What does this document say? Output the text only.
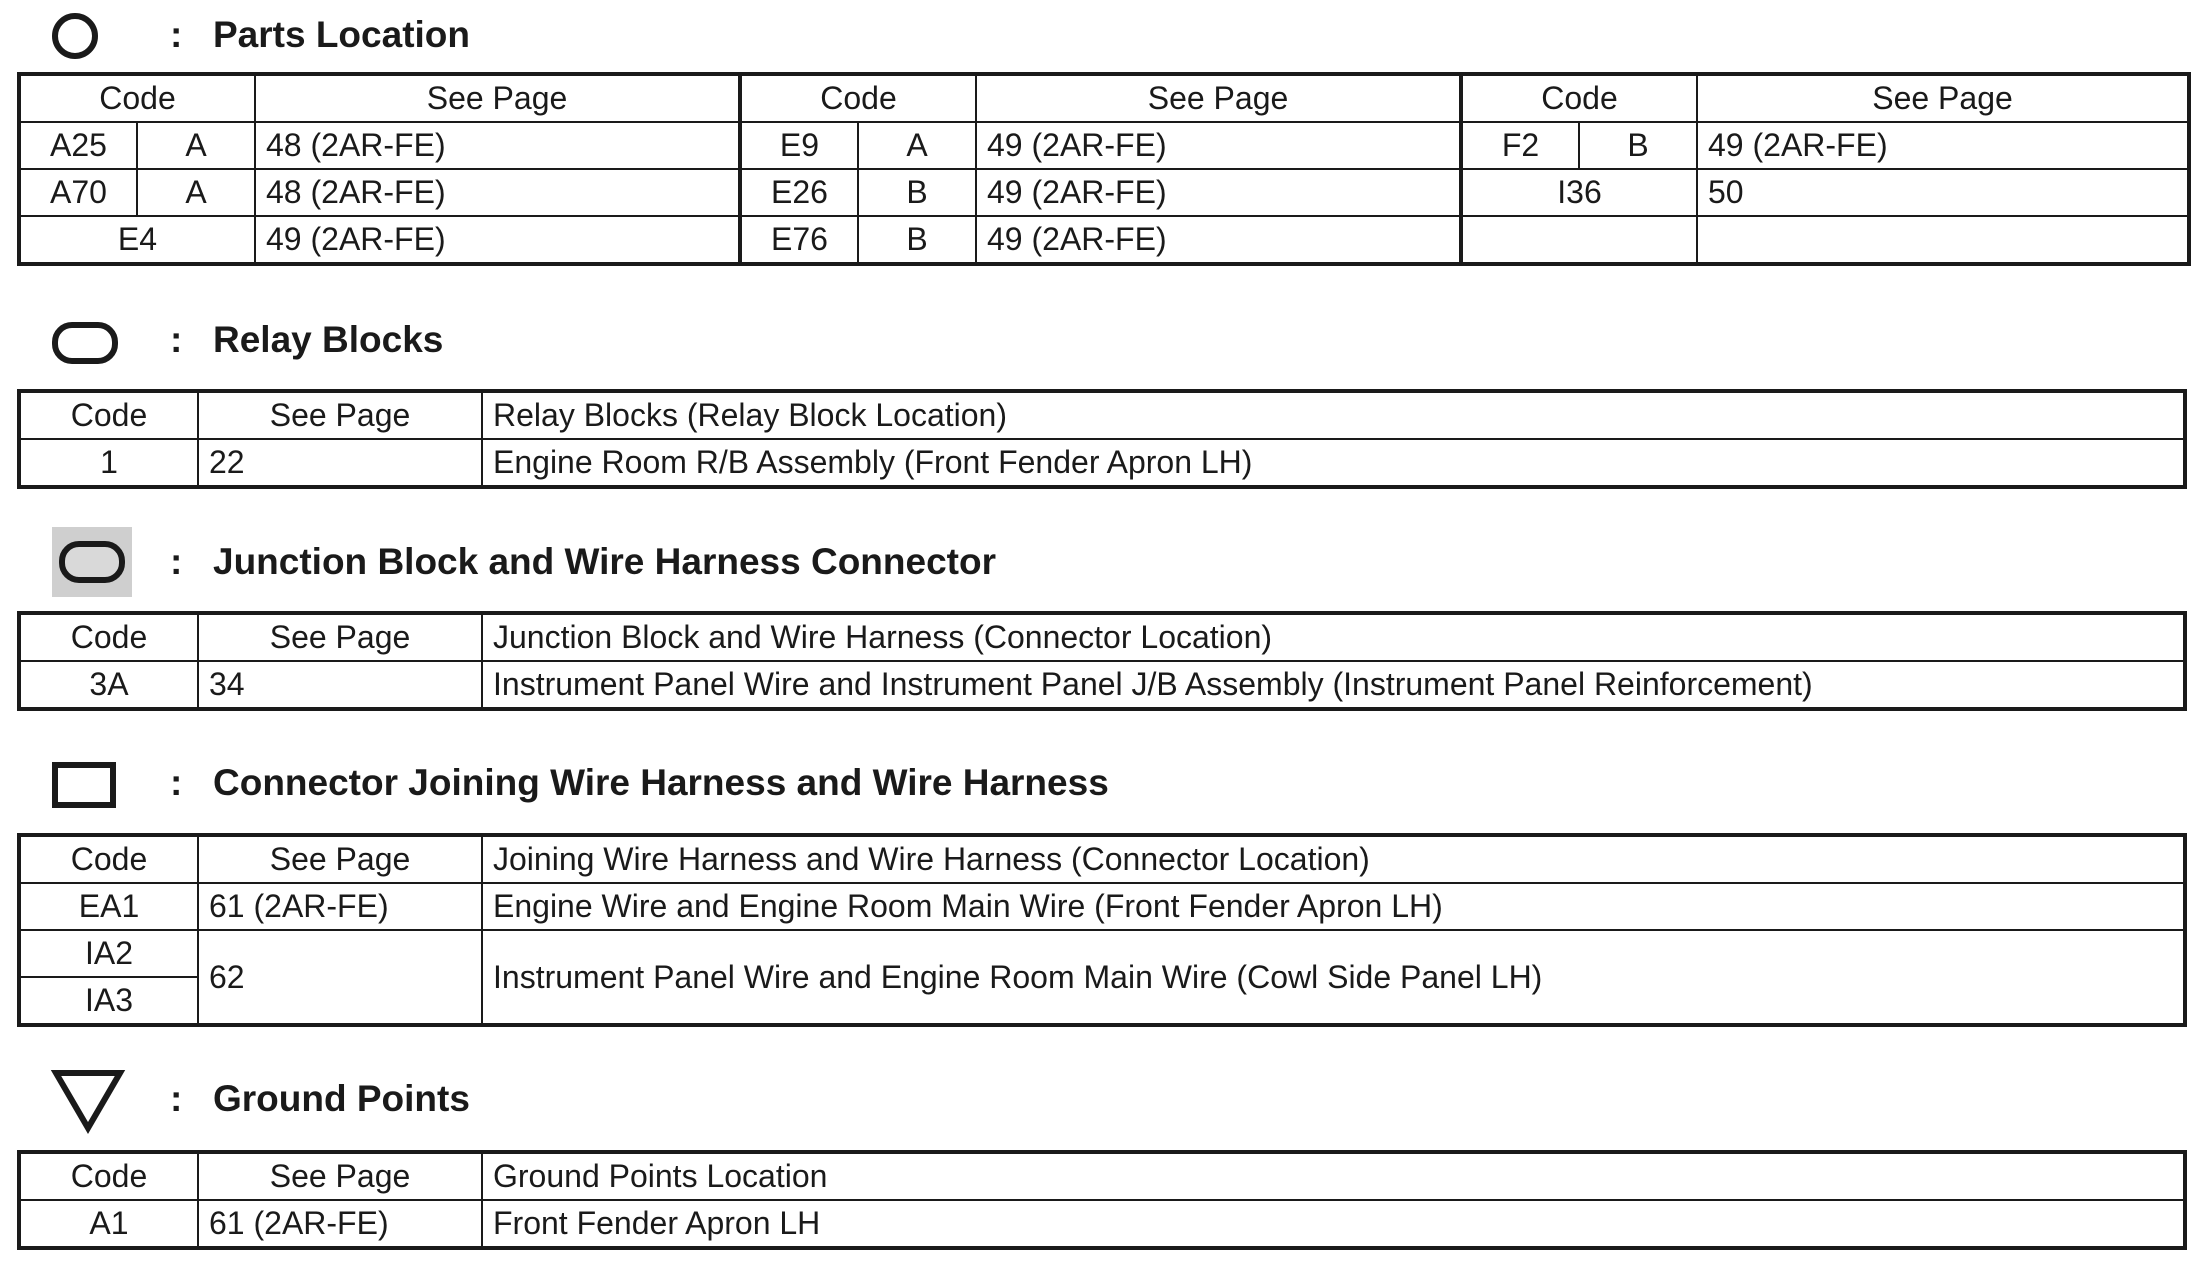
: Parts Location
Code		See Page	Code		See Page	Code		See Page
A25	A	48 (2AR-FE)	E9	A	49 (2AR-FE)	F2	B	49 (2AR-FE)
A70	A	48 (2AR-FE)	E26	B	49 (2AR-FE)	I36		50
E4		49 (2AR-FE)	E76	B	49 (2AR-FE)			
: Relay Blocks
Code	See Page	Relay Blocks (Relay Block Location)
1	22	Engine Room R/B Assembly (Front Fender Apron LH)
: Junction Block and Wire Harness Connector
Code	See Page	Junction Block and Wire Harness (Connector Location)
3A	34	Instrument Panel Wire and Instrument Panel J/B Assembly (Instrument Panel Reinforcement)
: Connector Joining Wire Harness and Wire Harness
Code	See Page	Joining Wire Harness and Wire Harness (Connector Location)
EA1	61 (2AR-FE)	Engine Wire and Engine Room Main Wire (Front Fender Apron LH)
IA2	62	Instrument Panel Wire and Engine Room Main Wire (Cowl Side Panel LH)
IA3		
: Ground Points
Code	See Page	Ground Points Location
A1	61 (2AR-FE)	Front Fender Apron LH
